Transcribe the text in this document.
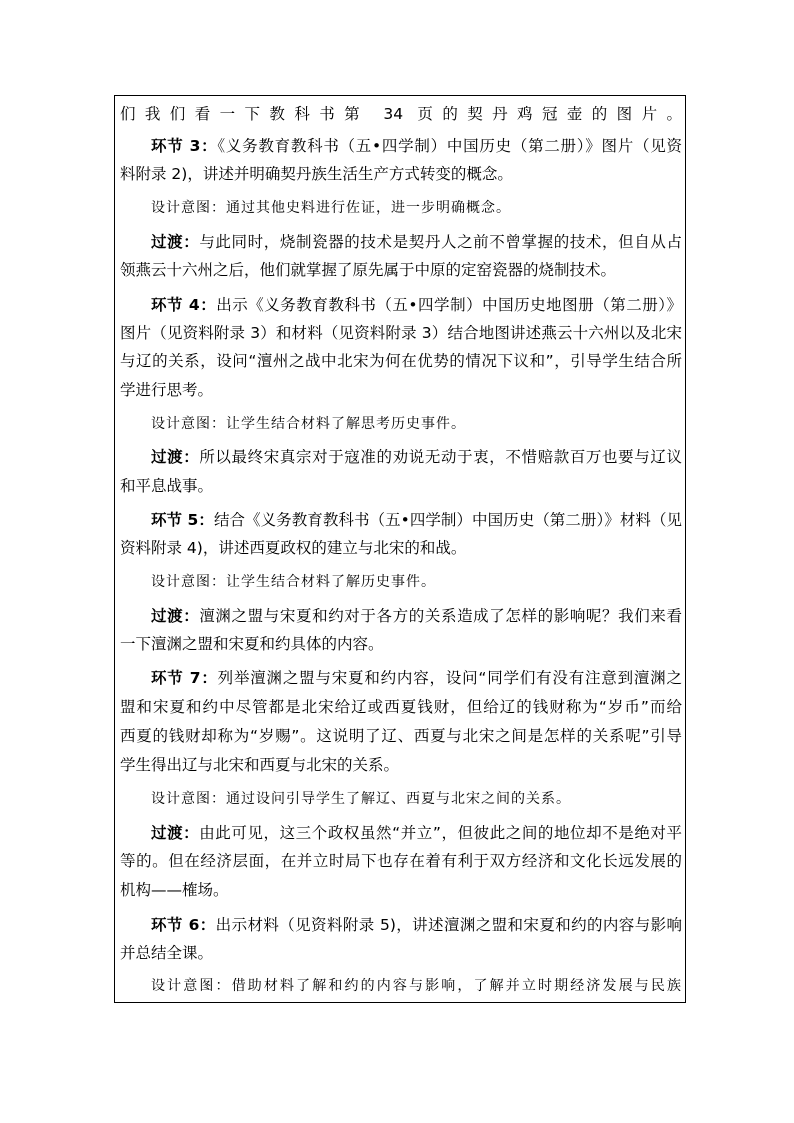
们我们看一下教科书第 34 页的契丹鸡冠壶的图片。
环节 3：《义务教育教科书（五•四学制）中国历史（第二册）》图片（见资
料附录 2)，讲述并明确契丹族生活生产方式转变的概念。
设计意图：通过其他史料进行佐证，进一步明确概念。
过渡：与此同时，烧制瓷器的技术是契丹人之前不曾掌握的技术，但自从占
领燕云十六州之后，他们就掌握了原先属于中原的定窑瓷器的烧制技术。
环节 4：出示《义务教育教科书（五•四学制）中国历史地图册（第二册）》
图片（见资料附录 3）和材料（见资料附录 3）结合地图讲述燕云十六州以及北宋
与辽的关系，设问“澶州之战中北宋为何在优势的情况下议和”，引导学生结合所
学进行思考。
设计意图：让学生结合材料了解思考历史事件。
过渡：所以最终宋真宗对于寇准的劝说无动于衷，不惜赔款百万也要与辽议
和平息战事。
环节 5：结合《义务教育教科书（五•四学制）中国历史（第二册）》材料（见
资料附录 4)，讲述西夏政权的建立与北宋的和战。
设计意图：让学生结合材料了解历史事件。
过渡：澶渊之盟与宋夏和约对于各方的关系造成了怎样的影响呢？我们来看
一下澶渊之盟和宋夏和约具体的内容。
环节 7：列举澶渊之盟与宋夏和约内容，设问“同学们有没有注意到澶渊之
盟和宋夏和约中尽管都是北宋给辽或西夏钱财，但给辽的钱财称为“岁币”而给
西夏的钱财却称为“岁赐”。这说明了辽、西夏与北宋之间是怎样的关系呢”引导
学生得出辽与北宋和西夏与北宋的关系。
设计意图：通过设问引导学生了解辽、西夏与北宋之间的关系。
过渡：由此可见，这三个政权虽然“并立”，但彼此之间的地位却不是绝对平
等的。但在经济层面，在并立时局下也存在着有利于双方经济和文化长远发展的
机构——榷场。
环节 6：出示材料（见资料附录 5)，讲述澶渊之盟和宋夏和约的内容与影响
并总结全课。
设计意图：借助材料了解和约的内容与影响，了解并立时期经济发展与民族
